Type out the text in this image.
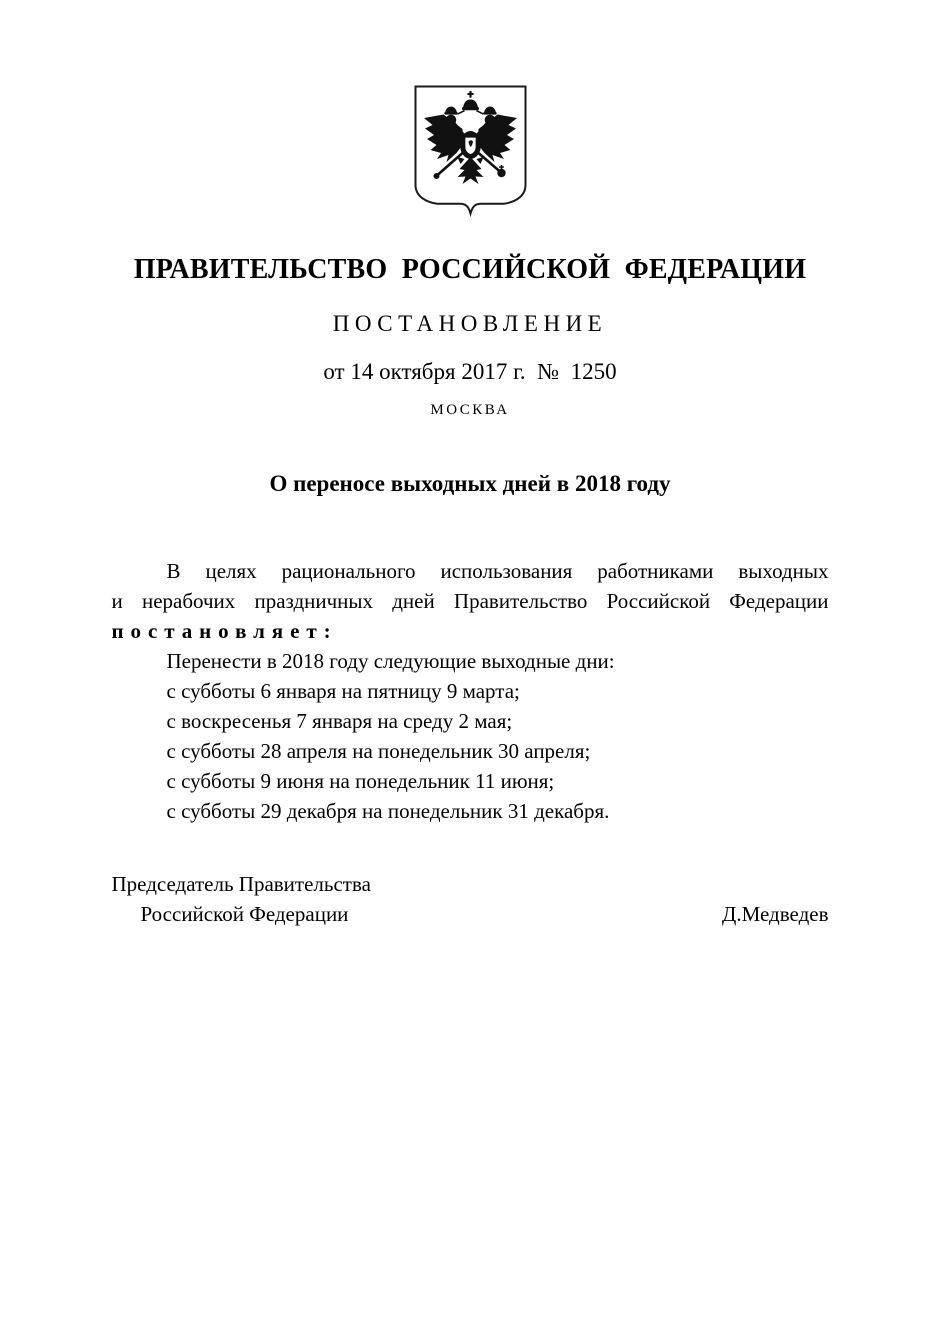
ПРАВИТЕЛЬСТВО  РОССИЙСКОЙ  ФЕДЕРАЦИИ
ПОСТАНОВЛЕНИЕ
от 14 октября 2017 г.  №  1250
МОСКВА
О переносе выходных дней в 2018 году
В целях рационального использования работниками выходных
и нерабочих праздничных дней Правительство Российской Федерации
постановляет:
Перенести в 2018 году следующие выходные дни:
с субботы 6 января на пятницу 9 марта;
с воскресенья 7 января на среду 2 мая;
с субботы 28 апреля на понедельник 30 апреля;
с субботы 9 июня на понедельник 11 июня;
с субботы 29 декабря на понедельник 31 декабря.
Председатель Правительства
Российской Федерации	Д.Медведев
